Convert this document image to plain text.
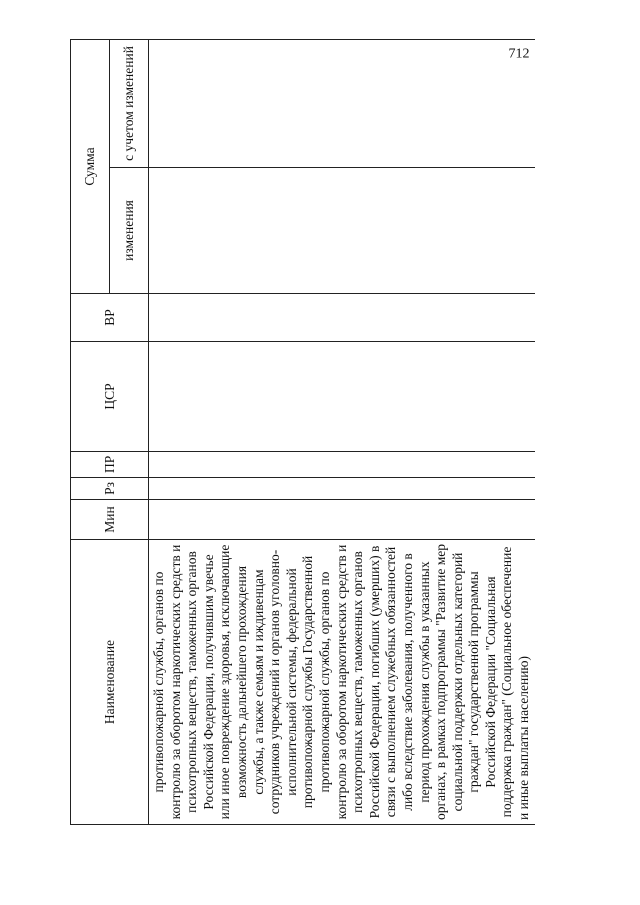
Наименование	Мин	Рз	ПР	ЦСР	ВР	Сумма	
						изменения	с учетом изменений
противопожарной службы, органов по контролю за оборотом наркотических средств и психотропных веществ, таможенных органов Российской Федерации, получившим увечье или иное повреждение здоровья, исключающие возможность дальнейшего прохождения службы, а также семьям и иждивенцам сотрудников учреждений и органов уголовно-исполнительной системы, федеральной противопожарной службы Государственной противопожарной службы, органов по контролю за оборотом наркотических средств и психотропных веществ, таможенных органов Российской Федерации, погибших (умерших) в связи с выполнением служебных обязанностей либо вследствие заболевания, полученного в период прохождения службы в указанных органах, в рамках подпрограммы "Развитие мер социальной поддержки отдельных категорий граждан" государственной программы Российской Федерации "Социальная поддержка граждан" (Социальное обеспечение и иные выплаты населению)							
712
